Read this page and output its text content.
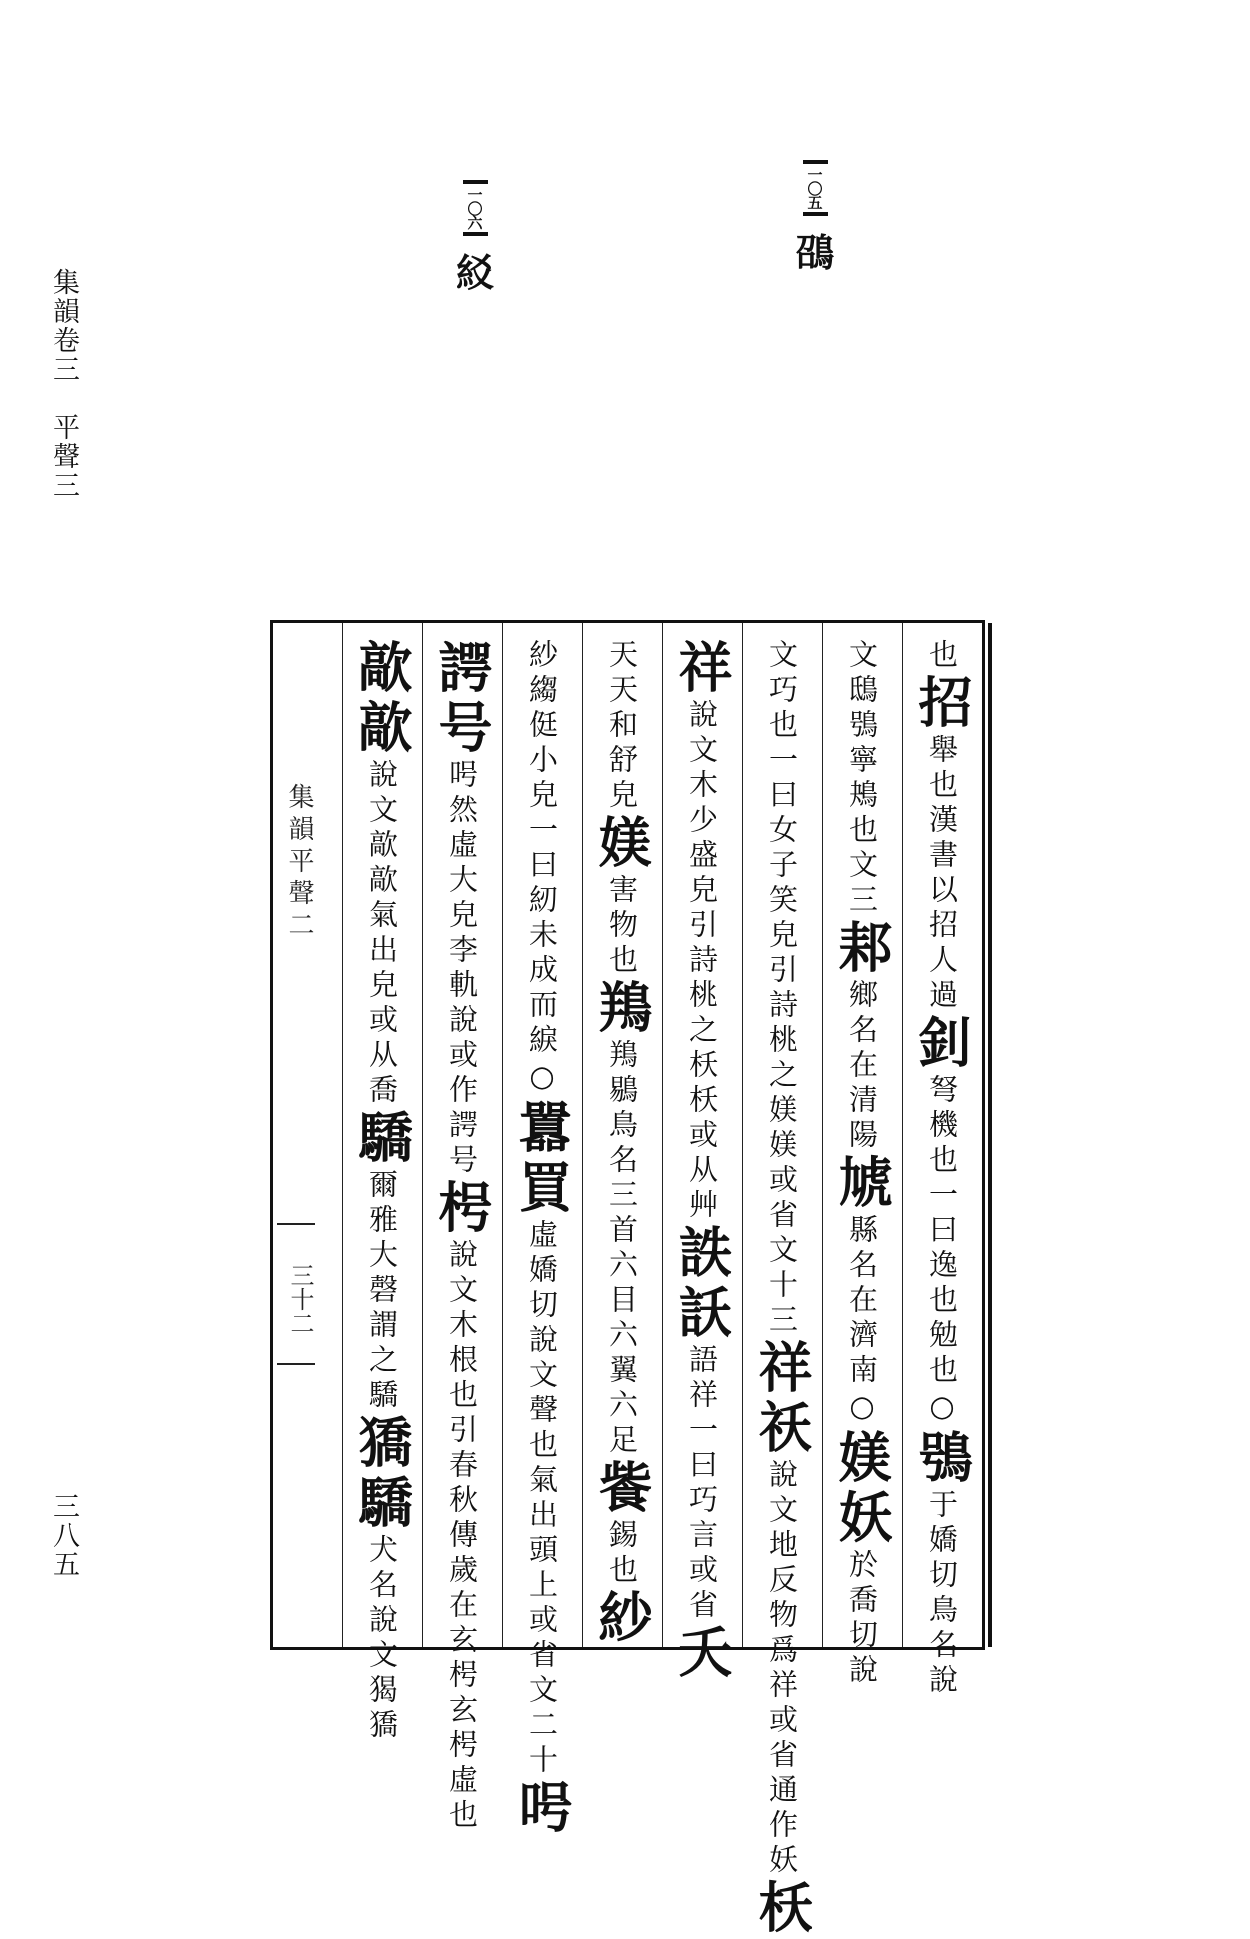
集韻卷三　平聲三
三八五
一〇五
䳂
一〇六
䋂
集韻平聲二
三十二
也招舉也漢書以招人過釗弩機也一曰逸也勉也○鴞于嬌切鳥名說
文鴟鴞寧鴂也文三䣂鄉名在清陽虓縣名在濟南○媄妖於喬切說
文巧也一曰女子笑皃引詩桃之媄媄或省文十三祥祅說文地反物爲祥或省通作妖枖
祥說文木少盛皃引詩桃之枖枖或从艸詄訞語祥一曰巧言或省夭
天天和舒皃媄害物也鴹鴹鶍鳥名三首六目六翼六足飺錫也紗
紗縐侹小皃一曰紉未成而綟○囂買虛嬌切說文聲也氣出頭上或省文二十呺
諤号呺然虛大皃李軌說或作諤号枵說文木根也引春秋傳歲在玄枵玄枵虛也
歊歊說文歊歊氣出皃或从喬驕爾雅大磬謂之驕獢驕犬名說文猲獢
